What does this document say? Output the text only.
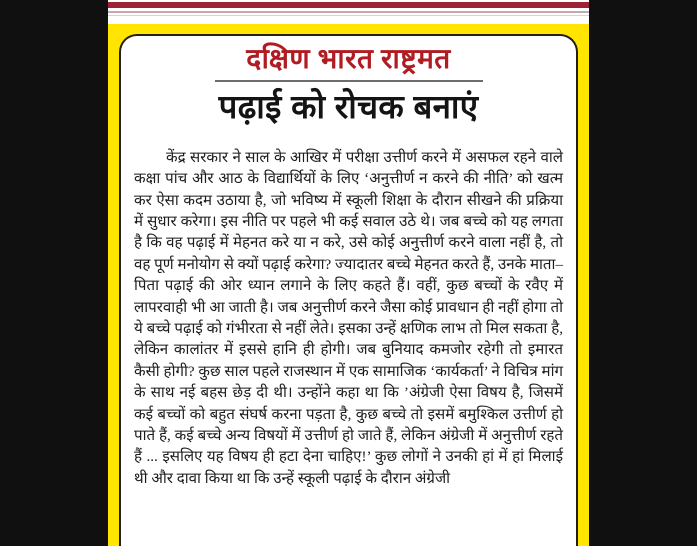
दक्षिण भारत राष्ट्रमत
पढ़ाई को रोचक बनाएं

केंद्र सरकार ने साल के आखिर में परीक्षा उत्तीर्ण करने में असफल रहने वाले कक्षा पांच और आठ के विद्यार्थियों के लिए ‘अनुत्तीर्ण न करने की नीति’ को खत्म कर ऐसा कदम उठाया है, जो भविष्य में स्कूली शिक्षा के दौरान सीखने की प्रक्रिया में सुधार करेगा। इस नीति पर पहले भी कई सवाल उठे थे। जब बच्चे को यह लगता है कि वह पढ़ाई में मेहनत करे या न करे, उसे कोई अनुत्तीर्ण करने वाला नहीं है, तो वह पूर्ण मनोयोग से क्यों पढ़ाई करेगा? ज्यादातर बच्चे मेहनत करते हैं, उनके माता–पिता पढ़ाई की ओर ध्यान लगाने के लिए कहते हैं। वहीं, कुछ बच्चों के रवैए में लापरवाही भी आ जाती है। जब अनुत्तीर्ण करने जैसा कोई प्रावधान ही नहीं होगा तो ये बच्चे पढ़ाई को गंभीरता से नहीं लेते। इसका उन्हें क्षणिक लाभ तो मिल सकता है, लेकिन कालांतर में इससे हानि ही होगी। जब बुनियाद कमजोर रहेगी तो इमारत कैसी होगी? कुछ साल पहले राजस्थान में एक सामाजिक ‘कार्यकर्ता’ ने विचित्र मांग के साथ नई बहस छेड़ दी थी। उन्होंने कहा था कि ’अंग्रेजी ऐसा विषय है, जिसमें कई बच्चों को बहुत संघर्ष करना पड़ता है, कुछ बच्चे तो इसमें बमुश्किल उत्तीर्ण हो पाते हैं, कई बच्चे अन्य विषयों में उत्तीर्ण हो जाते हैं, लेकिन अंग्रेजी में अनुत्तीर्ण रहते हैं ... इसलिए यह विषय ही हटा देना चाहिए!’ कुछ लोगों ने उनकी हां में हां मिलाई थी और दावा किया था कि उन्हें स्कूली पढ़ाई के दौरान अंग्रेजी
